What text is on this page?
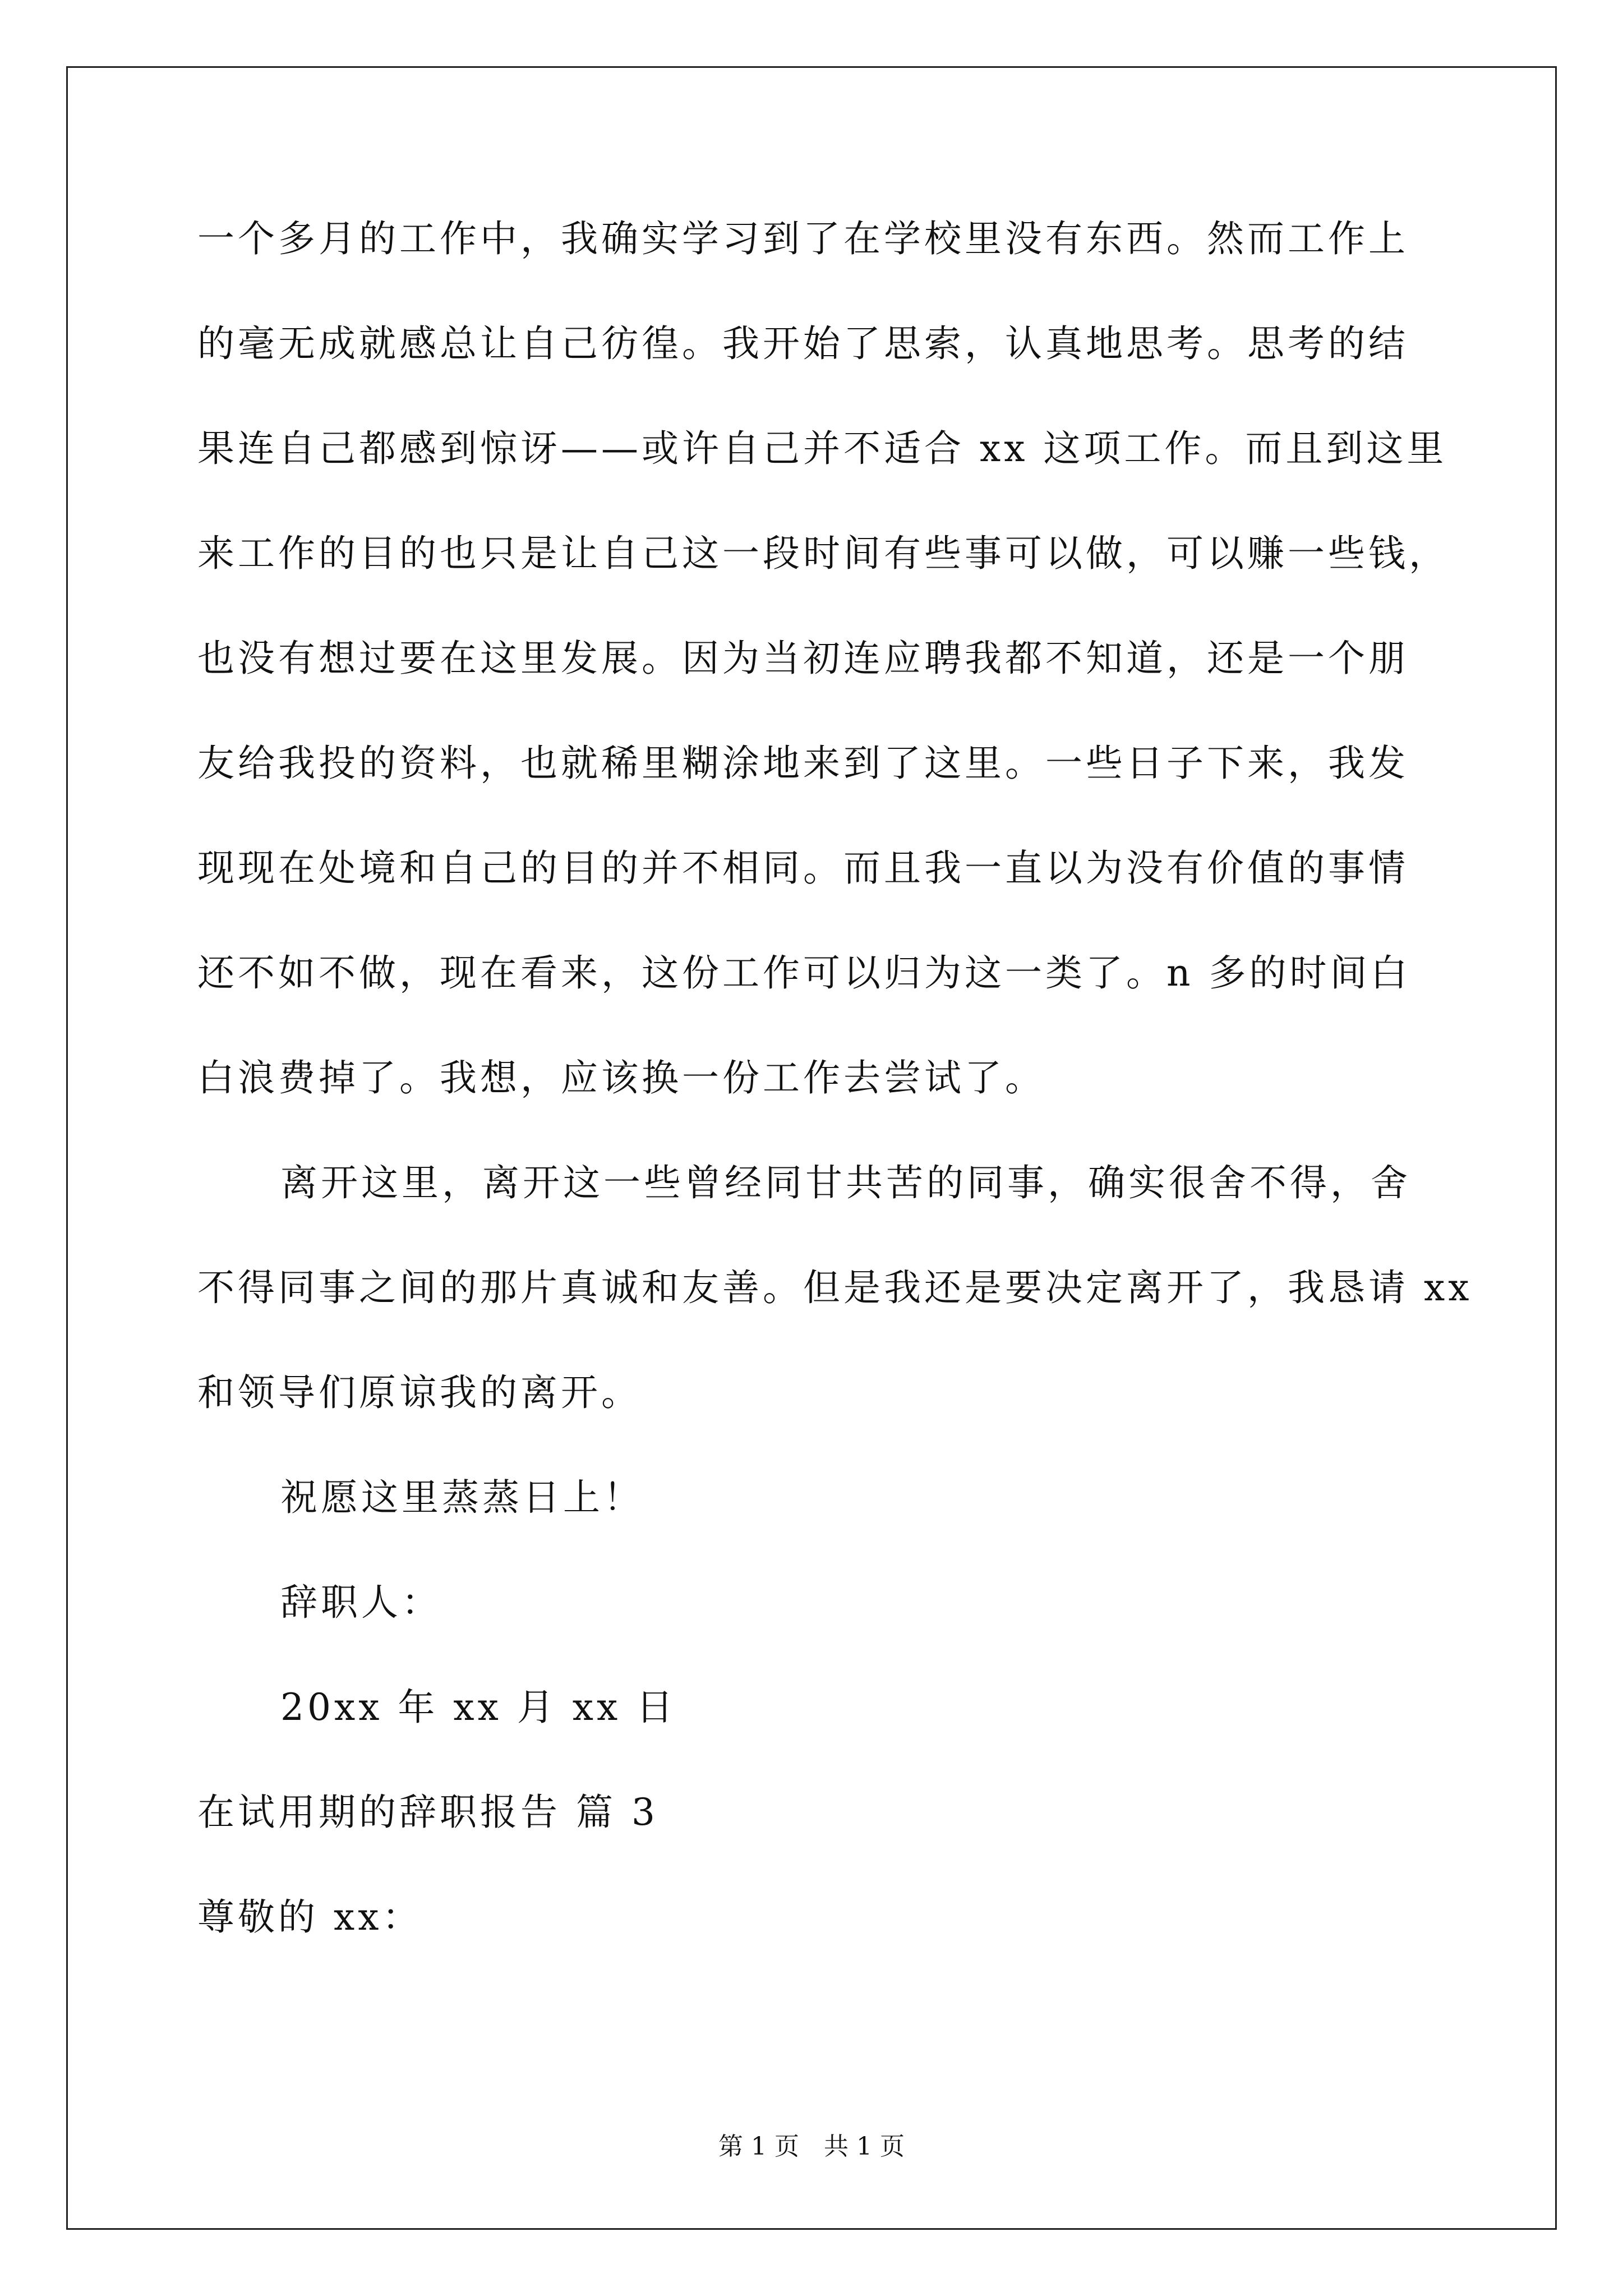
一个多月的工作中，我确实学习到了在学校里没有东西。然而工作上
的毫无成就感总让自己彷徨。我开始了思索，认真地思考。思考的结
果连自己都感到惊讶——或许自己并不适合 xx 这项工作。而且到这里
来工作的目的也只是让自己这一段时间有些事可以做，可以赚一些钱，
也没有想过要在这里发展。因为当初连应聘我都不知道，还是一个朋
友给我投的资料，也就稀里糊涂地来到了这里。一些日子下来，我发
现现在处境和自己的目的并不相同。而且我一直以为没有价值的事情
还不如不做，现在看来，这份工作可以归为这一类了。n 多的时间白
白浪费掉了。我想，应该换一份工作去尝试了。
离开这里，离开这一些曾经同甘共苦的同事，确实很舍不得，舍
不得同事之间的那片真诚和友善。但是我还是要决定离开了，我恳请 xx
和领导们原谅我的离开。
祝愿这里蒸蒸日上！
辞职人：
20xx 年 xx 月 xx 日
在试用期的辞职报告 篇 3
尊敬的 xx：
第 1 页　共 1 页
